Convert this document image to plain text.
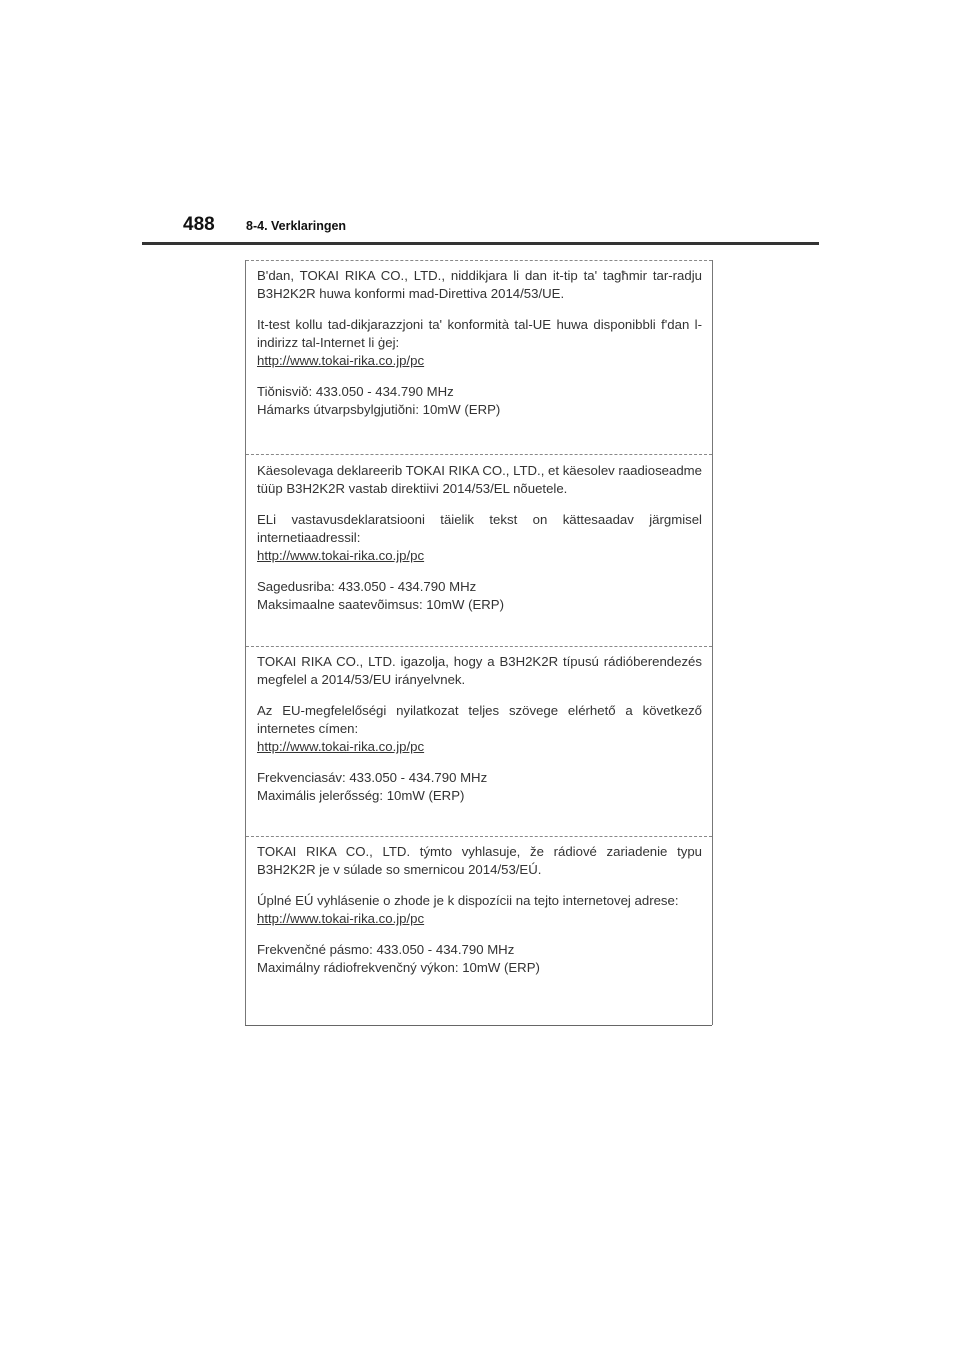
488	8-4. Verklaringen

B'dan, TOKAI RIKA CO., LTD., niddikjara li dan it-tip ta' tagħmir tar-radju B3H2K2R huwa konformi mad-Direttiva 2014/53/UE.

It-test kollu tad-dikjarazzjoni ta' konformità tal-UE huwa disponibbli f'dan l-indirizz tal-Internet li ġej:

http://www.tokai-rika.co.jp/pc

Tiŏnisviŏ: 433.050 - 434.790 MHz

Hámarks útvarpsbylgjutiŏni: 10mW (ERP)

Käesolevaga deklareerib TOKAI RIKA CO., LTD., et käesolev raadioseadme tüüp B3H2K2R vastab direktiivi 2014/53/EL nõuetele.

ELi vastavusdeklaratsiooni täielik tekst on kättesaadav järgmisel internetiaadressil:

http://www.tokai-rika.co.jp/pc

Sagedusriba: 433.050 - 434.790 MHz

Maksimaalne saatevõimsus: 10mW (ERP)

TOKAI RIKA CO., LTD. igazolja, hogy a B3H2K2R típusú rádióberendezés megfelel a 2014/53/EU irányelvnek.

Az EU-megfelelőségi nyilatkozat teljes szövege elérhető a következő internetes címen:

http://www.tokai-rika.co.jp/pc

Frekvenciasáv: 433.050 - 434.790 MHz

Maximális jelerősség: 10mW (ERP)

TOKAI RIKA CO., LTD. týmto vyhlasuje, že rádiové zariadenie typu B3H2K2R je v súlade so smernicou 2014/53/EÚ.

Úplné EÚ vyhlásenie o zhode je k dispozícii na tejto internetovej adrese:

http://www.tokai-rika.co.jp/pc

Frekvenčné pásmo: 433.050 - 434.790 MHz

Maximálny rádiofrekvenčný výkon: 10mW (ERP)
